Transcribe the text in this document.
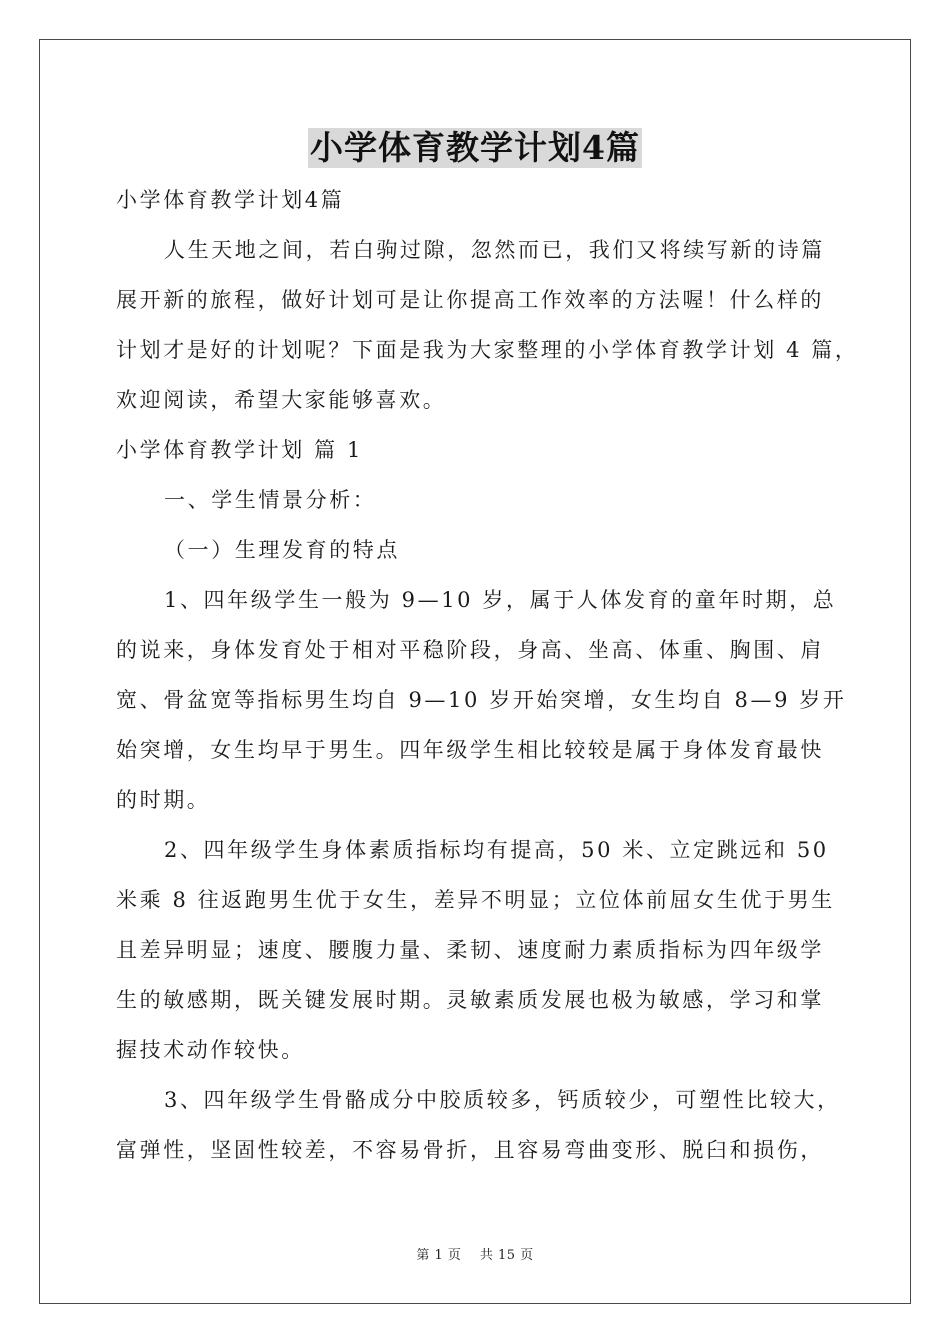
小学体育教学计划4篇
小学体育教学计划4篇
人生天地之间，若白驹过隙，忽然而已，我们又将续写新的诗篇
展开新的旅程，做好计划可是让你提高工作效率的方法喔！什么样的
计划才是好的计划呢？下面是我为大家整理的小学体育教学计划 4 篇，
欢迎阅读，希望大家能够喜欢。
小学体育教学计划 篇 1
一、学生情景分析：
（一）生理发育的特点
1、四年级学生一般为 9—10 岁，属于人体发育的童年时期，总
的说来，身体发育处于相对平稳阶段，身高、坐高、体重、胸围、肩
宽、骨盆宽等指标男生均自 9—10 岁开始突增，女生均自 8—9 岁开
始突增，女生均早于男生。四年级学生相比较较是属于身体发育最快
的时期。
2、四年级学生身体素质指标均有提高，50 米、立定跳远和 50
米乘 8 往返跑男生优于女生，差异不明显；立位体前屈女生优于男生
且差异明显；速度、腰腹力量、柔韧、速度耐力素质指标为四年级学
生的敏感期，既关键发展时期。灵敏素质发展也极为敏感，学习和掌
握技术动作较快。
3、四年级学生骨骼成分中胶质较多，钙质较少，可塑性比较大，
富弹性，坚固性较差，不容易骨折，且容易弯曲变形、脱臼和损伤，
第 1 页    共 15 页
